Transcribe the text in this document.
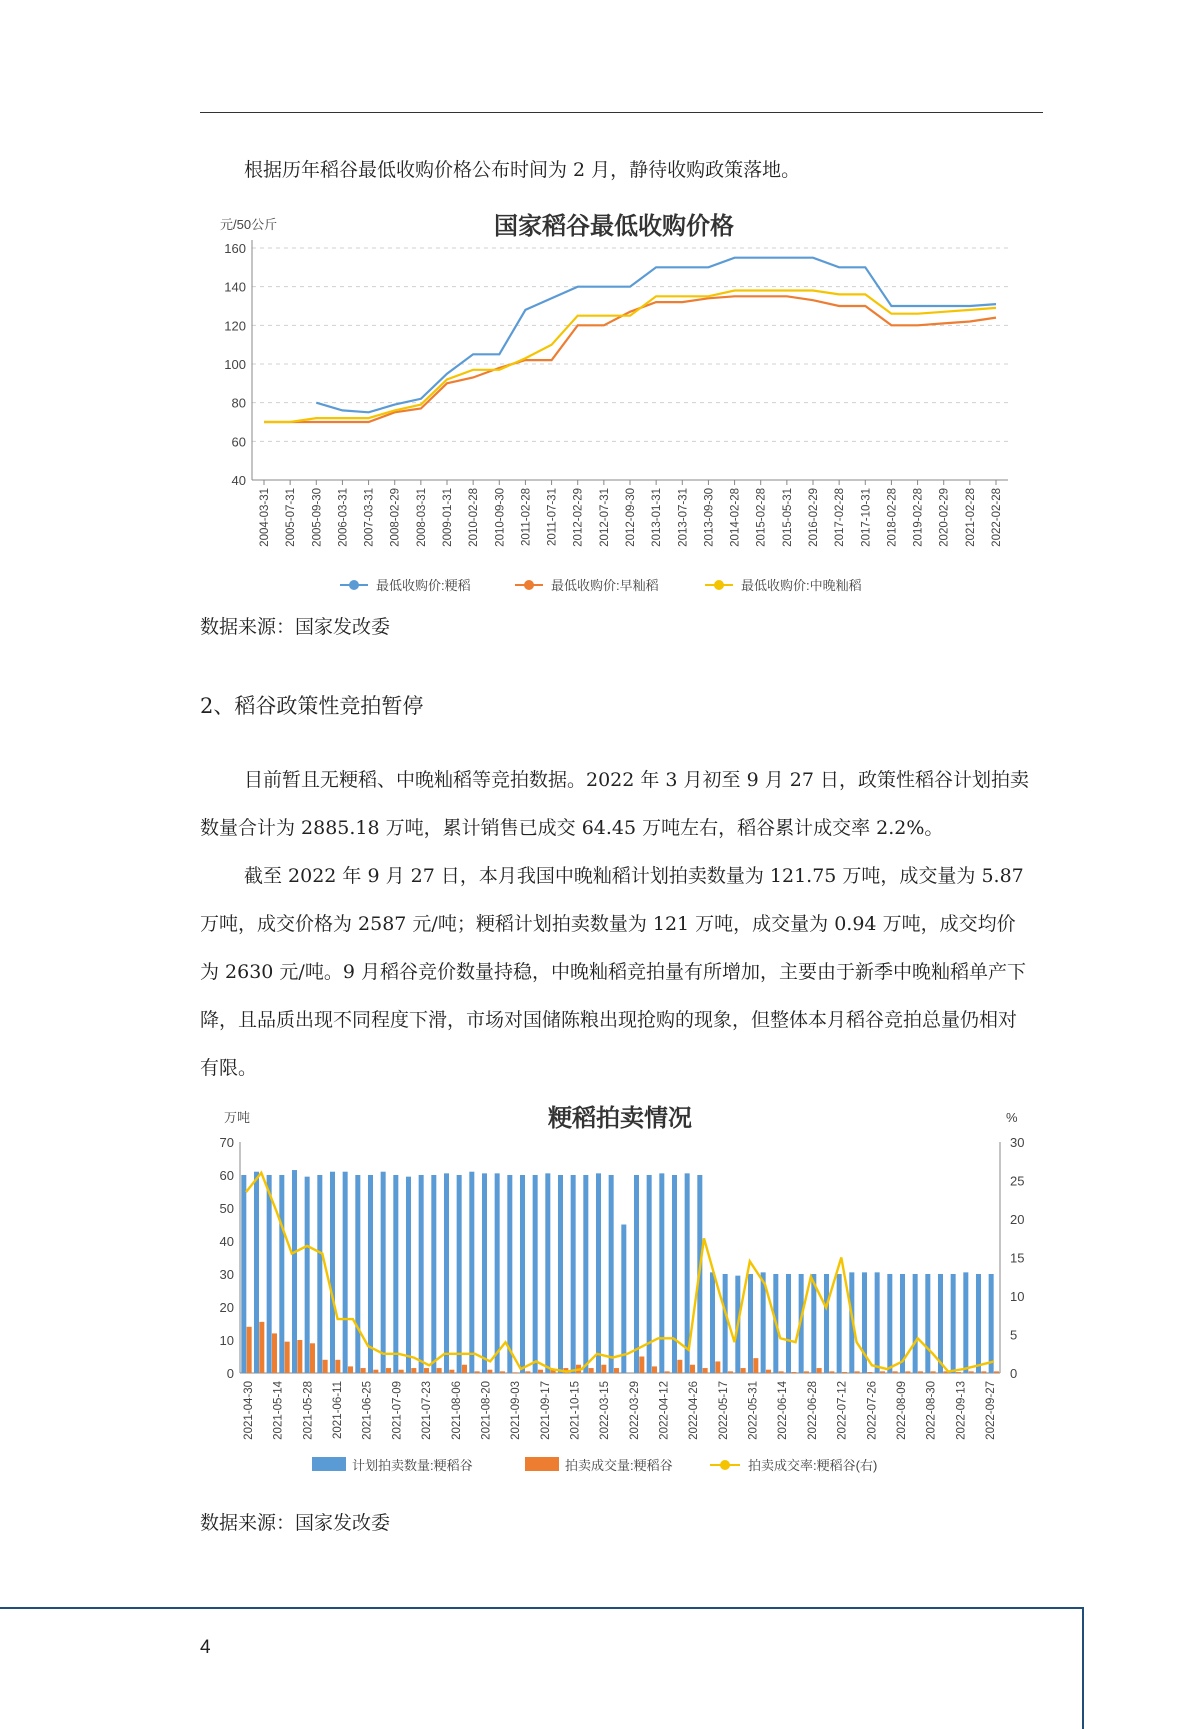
根据历年稻谷最低收购价格公布时间为 2 月，静待收购政策落地。

国家稻谷最低收购价格
元/50公斤
40
60
80
100
120
140
160
2004-03-31 2005-07-31 2005-09-30 2006-03-31 2007-03-31 2008-02-29 2008-03-31 2009-01-31 2010-02-28 2010-09-30 2011-02-28 2011-07-31 2012-02-29 2012-07-31 2012-09-30 2013-01-31 2013-07-31 2013-09-30 2014-02-28 2015-02-28 2015-05-31 2016-02-29 2017-02-28 2017-10-31 2018-02-28 2019-02-28 2020-02-29 2021-02-28 2022-02-28
最低收购价:粳稻	最低收购价:早籼稻	最低收购价:中晚籼稻

数据来源：国家发改委

2、稻谷政策性竞拍暂停

目前暂且无粳稻、中晚籼稻等竞拍数据。2022 年 3 月初至 9 月 27 日，政策性稻谷计划拍卖数量合计为 2885.18 万吨，累计销售已成交 64.45 万吨左右，稻谷累计成交率 2.2%。

截至 2022 年 9 月 27 日，本月我国中晚籼稻计划拍卖数量为 121.75 万吨，成交量为 5.87 万吨，成交价格为 2587 元/吨；粳稻计划拍卖数量为 121 万吨，成交量为 0.94 万吨，成交均价为 2630 元/吨。9 月稻谷竞价数量持稳，中晚籼稻竞拍量有所增加，主要由于新季中晚籼稻单产下降，且品质出现不同程度下滑，市场对国储陈粮出现抢购的现象，但整体本月稻谷竞拍总量仍相对有限。

粳稻拍卖情况
万吨	%
0
10
20
30
40
50
60
70
0
5
10
15
20
25
30
2021-04-30 2021-05-14 2021-05-28 2021-06-11 2021-06-25 2021-07-09 2021-07-23 2021-08-06 2021-08-20 2021-09-03 2021-09-17 2021-10-15 2022-03-15 2022-03-29 2022-04-12 2022-04-26 2022-05-17 2022-05-31 2022-06-14 2022-06-28 2022-07-12 2022-07-26 2022-08-09 2022-08-30 2022-09-13 2022-09-27
计划拍卖数量:粳稻谷	拍卖成交量:粳稻谷	拍卖成交率:粳稻谷(右)

数据来源：国家发改委

4
